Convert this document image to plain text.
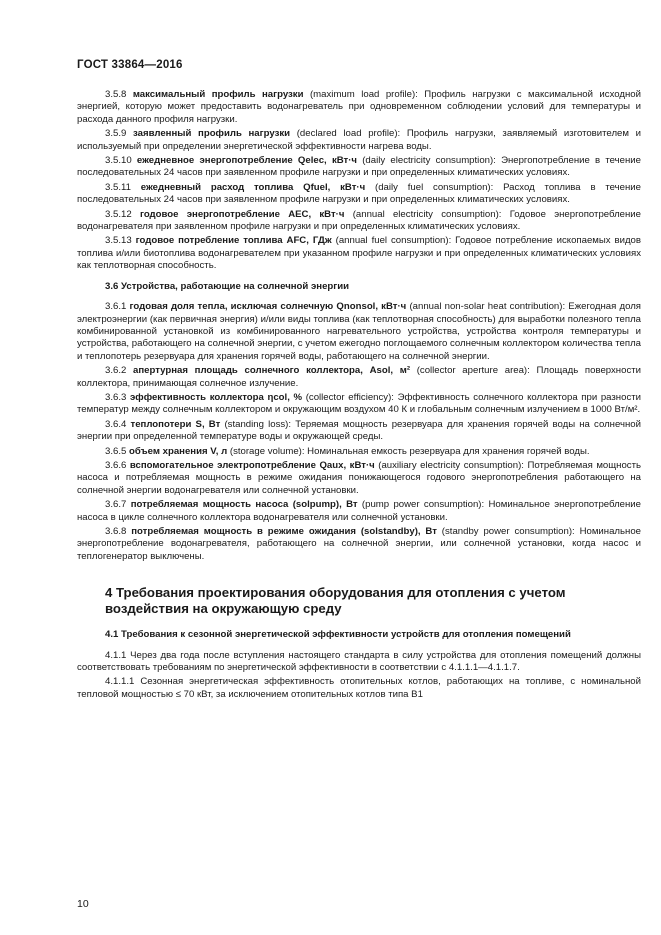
ГОСТ 33864—2016

3.5.8 максимальный профиль нагрузки (maximum load profile): Профиль нагрузки с максимальной исходной энергией, которую может предоставить водонагреватель при одновременном соблюдении условий для температуры и расхода данного профиля нагрузки.

3.5.9 заявленный профиль нагрузки (declared load profile): Профиль нагрузки, заявляемый изготовителем и используемый при определении энергетической эффективности нагрева воды.

3.5.10 ежедневное энергопотребление Qelec, кВт·ч (daily electricity consumption): Энергопотребление в течение последовательных 24 часов при заявленном профиле нагрузки и при определенных климатических условиях.

3.5.11 ежедневный расход топлива Qfuel, кВт·ч (daily fuel consumption): Расход топлива в течение последовательных 24 часов при заявленном профиле нагрузки и при определенных климатических условиях.

3.5.12 годовое энергопотребление AEC, кВт·ч (annual electricity consumption): Годовое энергопотребление водонагревателя при заявленном профиле нагрузки и при определенных климатических условиях.

3.5.13 годовое потребление топлива AFC, ГДж (annual fuel consumption): Годовое потребление ископаемых видов топлива и/или биотоплива водонагревателем при указанном профиле нагрузки и при определенных климатических условиях как теплотворная способность.

3.6 Устройства, работающие на солнечной энергии

3.6.1 годовая доля тепла, исключая солнечную Qnonsol, кВт·ч (annual non-solar heat contribution): Ежегодная доля электроэнергии (как первичная энергия) и/или виды топлива (как теплотворная способность) для выработки полезного тепла комбинированной установкой из комбинированного нагревательного устройства, устройства контроля температуры и устройства, работающего на солнечной энергии, с учетом ежегодно поглощаемого солнечным коллектором количества тепла и теплопотерь резервуара для хранения горячей воды, работающего на солнечной энергии.

3.6.2 апертурная площадь солнечного коллектора, Asol, м² (collector aperture area): Площадь поверхности коллектора, принимающая солнечное излучение.

3.6.3 эффективность коллектора ηcol, % (collector efficiency): Эффективность солнечного коллектора при разности температур между солнечным коллектором и окружающим воздухом 40 К и глобальным солнечным излучением в 1000 Вт/м².

3.6.4 теплопотери S, Вт (standing loss): Теряемая мощность резервуара для хранения горячей воды на солнечной энергии при определенной температуре воды и окружающей среды.

3.6.5 объем хранения V, л (storage volume): Номинальная емкость резервуара для хранения горячей воды.

3.6.6 вспомогательное электропотребление Qaux, кВт·ч (auxiliary electricity consumption): Потребляемая мощность насоса и потребляемая мощность в режиме ожидания понижающегося годового энергопотребления работающего на солнечной энергии водонагревателя или солнечной установки.

3.6.7 потребляемая мощность насоса (solpump), Вт (pump power consumption): Номинальное энергопотребление насоса в цикле солнечного коллектора водонагревателя или солнечной установки.

3.6.8 потребляемая мощность в режиме ожидания (solstandby), Вт (standby power consumption): Номинальное энергопотребление водонагревателя, работающего на солнечной энергии, или солнечной установки, когда насос и теплогенератор выключены.

4 Требования проектирования оборудования для отопления с учетом воздействия на окружающую среду
4.1 Требования к сезонной энергетической эффективности устройств для отопления помещений

4.1.1 Через два года после вступления настоящего стандарта в силу устройства для отопления помещений должны соответствовать требованиям по энергетической эффективности в соответствии с 4.1.1.1—4.1.1.7.

4.1.1.1 Сезонная энергетическая эффективность отопительных котлов, работающих на топливе, с номинальной тепловой мощностью ≤ 70 кВт, за исключением отопительных котлов типа В1

10
